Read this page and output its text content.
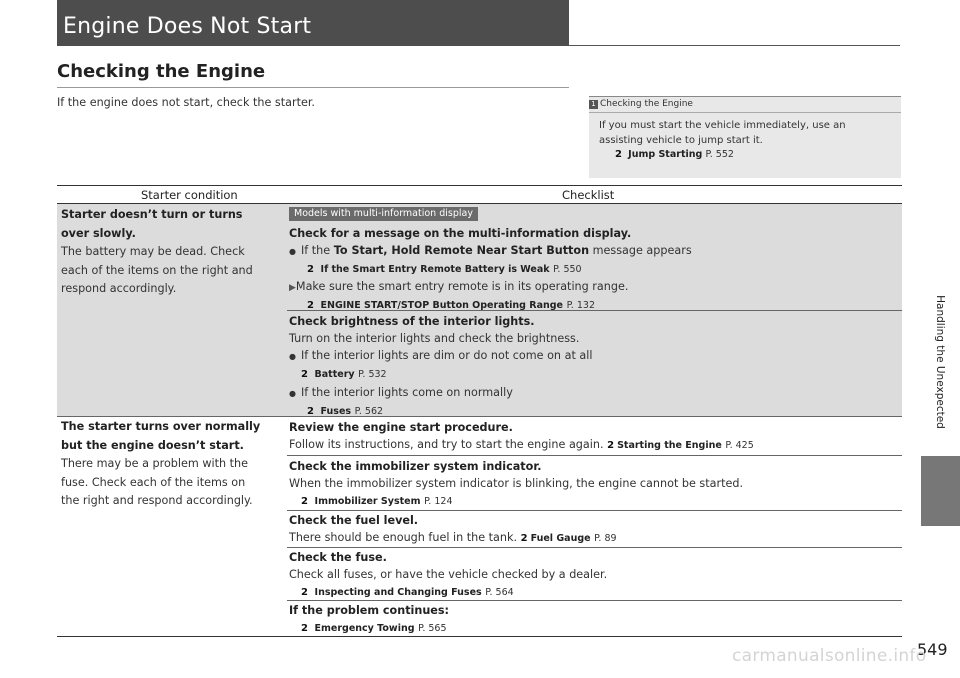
Engine Does Not Start
Checking the Engine
If the engine does not start, check the starter.	1 Checking the Engine
If you must start the vehicle immediately, use an assisting vehicle to jump start it.
2 Jump Starting P. 552
Starter condition	Checklist
Starter doesn’t turn or turns
over slowly.
The battery may be dead. Check
each of the items on the right and
respond accordingly.
Models with multi-information display
Check for a message on the multi-information display.
● If the To Start, Hold Remote Near Start Button message appears
2 If the Smart Entry Remote Battery is Weak P. 550
▶Make sure the smart entry remote is in its operating range.
2 ENGINE START/STOP Button Operating Range P. 132
Check brightness of the interior lights.
Turn on the interior lights and check the brightness.
● If the interior lights are dim or do not come on at all
2 Battery P. 532
● If the interior lights come on normally
2 Fuses P. 562
The starter turns over normally
but the engine doesn’t start.
There may be a problem with the
fuse. Check each of the items on
the right and respond accordingly.
Review the engine start procedure.
Follow its instructions, and try to start the engine again. 2 Starting the Engine P. 425
Check the immobilizer system indicator.
When the immobilizer system indicator is blinking, the engine cannot be started.
2 Immobilizer System P. 124
Check the fuel level.
There should be enough fuel in the tank. 2 Fuel Gauge P. 89
Check the fuse.
Check all fuses, or have the vehicle checked by a dealer.
2 Inspecting and Changing Fuses P. 564
If the problem continues:
2 Emergency Towing P. 565
Handling the Unexpected
549
carmanualsonline.info
